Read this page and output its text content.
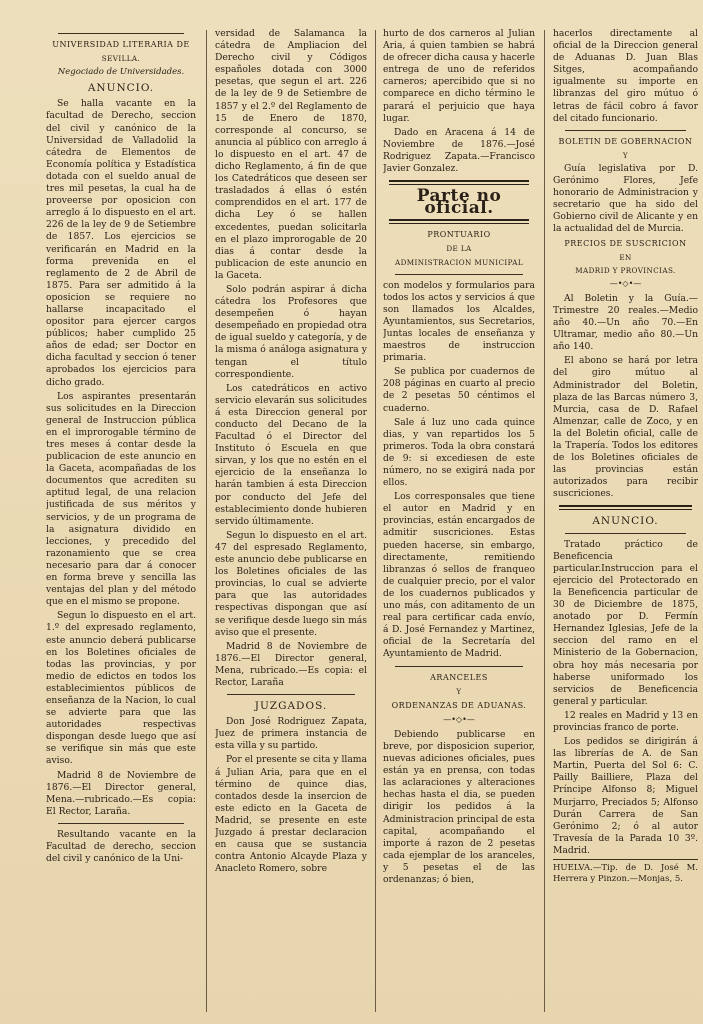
UNIVERSIDAD LITERARIA DE

SEVILLA.

Negociado de Universidades.

ANUNCIO.

Se halla vacante en la facultad de Derecho, seccion del civil y canónico de la Universidad de Valladolid la cátedra de Elementos de Economía política y Estadística dotada con el sueldo anual de tres mil pesetas, la cual ha de proveerse por oposicion con arreglo á lo dispuesto en el art. 226 de la ley de 9 de Setiembre de 1857. Los ejercicios se verificarán en Madrid en la forma prevenida en el reglamento de 2 de Abril de 1875. Para ser admitido á la oposicion se requiere no hallarse incapacitado el opositor para ejercer cargos públicos; haber cumplido 25 años de edad; ser Doctor en dicha facultad y seccion ó tener aprobados los ejercicios para dicho grado.

Los aspirantes presentarán sus solicitudes en la Direccion general de Instruccion pública en el improrogable término de tres meses á contar desde la publicacion de este anuncio en la Gaceta, acompañadas de los documentos que acrediten su aptitud legal, de una relacion justificada de sus méritos y servicios, y de un programa de la asignatura dividido en lecciones, y precedido del razonamiento que se crea necesario para dar á conocer en forma breve y sencilla las ventajas del plan y del método que en el mismo se propone.

Segun lo dispuesto en el art. 1.º del expresado reglamento, este anuncio deberá publicarse en los Boletines oficiales de todas las provincias, y por medio de edictos en todos los establecimientos públicos de enseñanza de la Nacion, lo cual se advierte para que las autoridades respectivas dispongan desde luego que así se verifique sin más que este aviso.

Madrid 8 de Noviembre de 1876.—El Director general, Mena.—rubricado.—Es copia: El Rector, Laraña.

Resultando vacante en la Facultad de derecho, seccion del civil y canónico de la Uni-

versidad de Salamanca la cátedra de Ampliacion del Derecho civil y Códigos españoles dotada con 3000 pesetas, que segun el art. 226 de la ley de 9 de Setiembre de 1857 y el 2.º del Reglamento de 15 de Enero de 1870, corresponde al concurso, se anuncia al público con arreglo á lo dispuesto en el art. 47 de dicho Reglamento, á fin de que los Catedráticos que deseen ser trasladados á ellas ó estén comprendidos en el art. 177 de dicha Ley ó se hallen excedentes, puedan solicitarla en el plazo improrogable de 20 dias á contar desde la publicacion de este anuncio en la Gaceta.

Solo podrán aspirar á dicha cátedra los Profesores que desempeñen ó hayan desempeñado en propiedad otra de igual sueldo y categoría, y de la misma ó análoga asignatura y tengan el título correspondiente.

Los catedráticos en activo servicio elevarán sus solicitudes á esta Direccion general por conducto del Decano de la Facultad ó el Director del Instituto ó Escuela en que sirvan, y los que no estén en el ejercicio de la enseñanza lo harán tambien á esta Direccion por conducto del Jefe del establecimiento donde hubieren servido últimamente.

Segun lo dispuesto en el art. 47 del espresado Reglamento, este anuncio debe publicarse en los Boletines oficiales de las provincias, lo cual se advierte para que las autoridades respectivas dispongan que así se verifique desde luego sin más aviso que el presente.

Madrid 8 de Noviembre de 1876.—El Director general, Mena, rubricado.—Es copia: el Rector, Laraña

JUZGADOS.

Don José Rodriguez Zapata, Juez de primera instancia de esta villa y su partido.

Por el presente se cita y llama á Julian Aria, para que en el término de quince dias, contados desde la insercion de este edicto en la Gaceta de Madrid, se presente en este Juzgado á prestar declaracion en causa que se sustancia contra Antonio Alcayde Plaza y Anacleto Romero, sobre

hurto de dos carneros al Julian Aria, á quien tambien se habrá de ofrecer dicha causa y hacerle entrega de uno de referidos carneros; apercibido que si no comparece en dicho término le parará el perjuicio que haya lugar.

Dado en Aracena á 14 de Noviembre de 1876.—José Rodriguez Zapata.—Francisco Javier Gonzalez.

Parte no oficial.

PRONTUARIO

DE LA

ADMINISTRACION MUNICIPAL

con modelos y formularios para todos los actos y servicios á que son llamados los Alcaldes, Ayuntamientos, sus Secretarios, Juntas locales de enseñanza y maestros de instruccion primaria.

Se publica por cuadernos de 208 páginas en cuarto al precio de 2 pesetas 50 céntimos el cuaderno.

Sale á luz uno cada quince dias, y van repartidos los 5 primeros. Toda la obra constará de 9: si excediesen de este número, no se exigirá nada por ellos.

Los corresponsales que tiene el autor en Madrid y en provincias, están encargados de admitir suscriciones. Estas pueden hacerse, sin embargo, directamente, remitiendo libranzas ó sellos de franqueo de cualquier precio, por el valor de los cuadernos publicados y uno más, con aditamento de un real para certificar cada envío, á D. José Fernandez y Martinez, oficial de la Secretaría del Ayuntamiento de Madrid.

ARANCELES

Y

ORDENANZAS DE ADUANAS.

—•◇•—

Debiendo publicarse en breve, por disposicion superior, nuevas adiciones oficiales, pues están ya en prensa, con todas las aclaraciones y alteraciones hechas hasta el dia, se pueden dirigir los pedidos á la Administracion principal de esta capital, acompañando el importe á razon de 2 pesetas cada ejemplar de los aranceles, y 5 pesetas el de las ordenanzas; ó bien,

hacerlos directamente al oficial de la Direccion general de Aduanas D. Juan Blas Sitges, acompañando igualmente su importe en libranzas del giro mútuo ó letras de fácil cobro á favor del citado funcionario.

BOLETIN DE GOBERNACION

Y

Guía legislativa por D. Gerónimo Flores, Jefe honorario de Administracion y secretario que ha sido del Gobierno civil de Alicante y en la actualidad del de Murcia.

PRECIOS DE SUSCRICION

EN

MADRID Y PROVINCIAS.

—•◇•—

Al Boletin y la Guía.—Trimestre 20 reales.—Medio año 40.—Un año 70.—En Ultramar, medio año 80.—Un año 140.

El abono se hará por letra del giro mútuo al Administrador del Boletin, plaza de las Barcas número 3, Murcia, casa de D. Rafael Almenzar, calle de Zoco, y en la del Boletin oficial, calle de la Trapería. Todos los editores de los Boletines oficiales de las provincias están autorizados para recibir suscriciones.

ANUNCIO.

Tratado práctico de Beneficencia particular.Instruccion para el ejercicio del Protectorado en la Beneficencia particular de 30 de Diciembre de 1875, anotado por D. Fermín Hernandez Iglesias, Jefe de la seccion del ramo en el Ministerio de la Gobernacion, obra hoy más necesaria por haberse uniformado los servicios de Beneficencia general y particular.

12 reales en Madrid y 13 en provincias franco de porte.

Los pedidos se dirigirán á las librerías de A. de San Martin, Puerta del Sol 6: C. Pailly Bailliere, Plaza del Príncipe Alfonso 8; Miguel Murjarro, Preciados 5; Alfonso Durán Carrera de San Gerónimo 2; ó al autor Travesía de la Parada 10 3º. Madrid.

HUELVA.—Tip. de D. José M. Herrera y Pinzon.—Monjas, 5.
